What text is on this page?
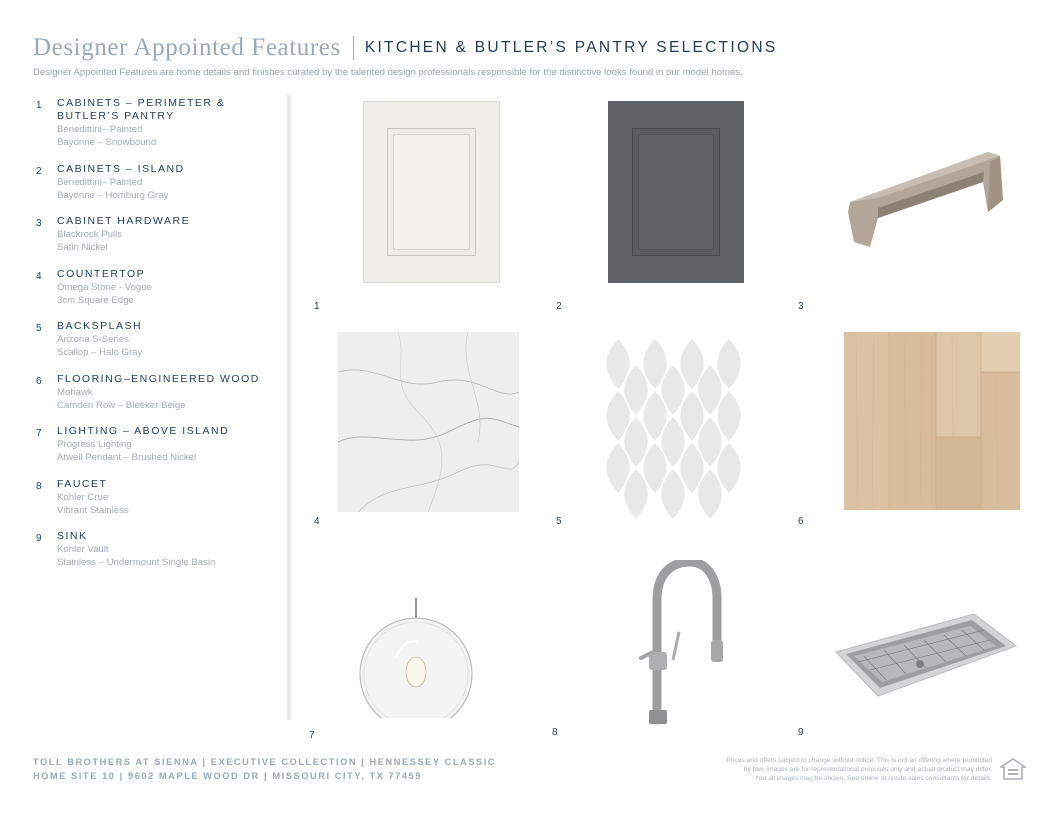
Designer Appointed Features KITCHEN & BUTLER’S PANTRY SELECTIONS
Designer Appointed Features are home details and finishes curated by the talented design professionals responsible for the distinctive looks found in our model homes.
1 CABINETS – PERIMETER & BUTLER’S PANTRY
Benedittini– Painted
Bayonne – Snowbound
2 CABINETS – ISLAND
Benedittini– Painted
Bayonne – Homburg Gray
3 CABINET HARDWARE
Blackrock Pulls
Satin Nickel
4 COUNTERTOP
Omega Stone - Vogue
3cm Square Edge
5 BACKSPLASH
Arizona S-Series
Scallop – Halo Gray
6 FLOORING–ENGINEERED WOOD
Mohawk
Camden Row – Bleeker Beige
7 LIGHTING – ABOVE ISLAND
Progress Lighting
Atwell Pendant – Brushed Nickel
8 FAUCET
Kohler Crue
Vibrant Stainless
9 SINK
Kohler Vault
Stainless – Undermount Single Basin
1	2	3
4	5	6
7	8	9
TOLL BROTHERS AT SIENNA | EXECUTIVE COLLECTION | HENNESSEY CLASSIC
HOME SITE 10 | 9602 MAPLE WOOD DR | MISSOURI CITY, TX 77459
Prices and offers subject to change without notice. This is not an offering where prohibited
by law. Images are for representational purposes only and actual product may differ.
Not all images may be shown. See online or onsite sales consultants for details.
